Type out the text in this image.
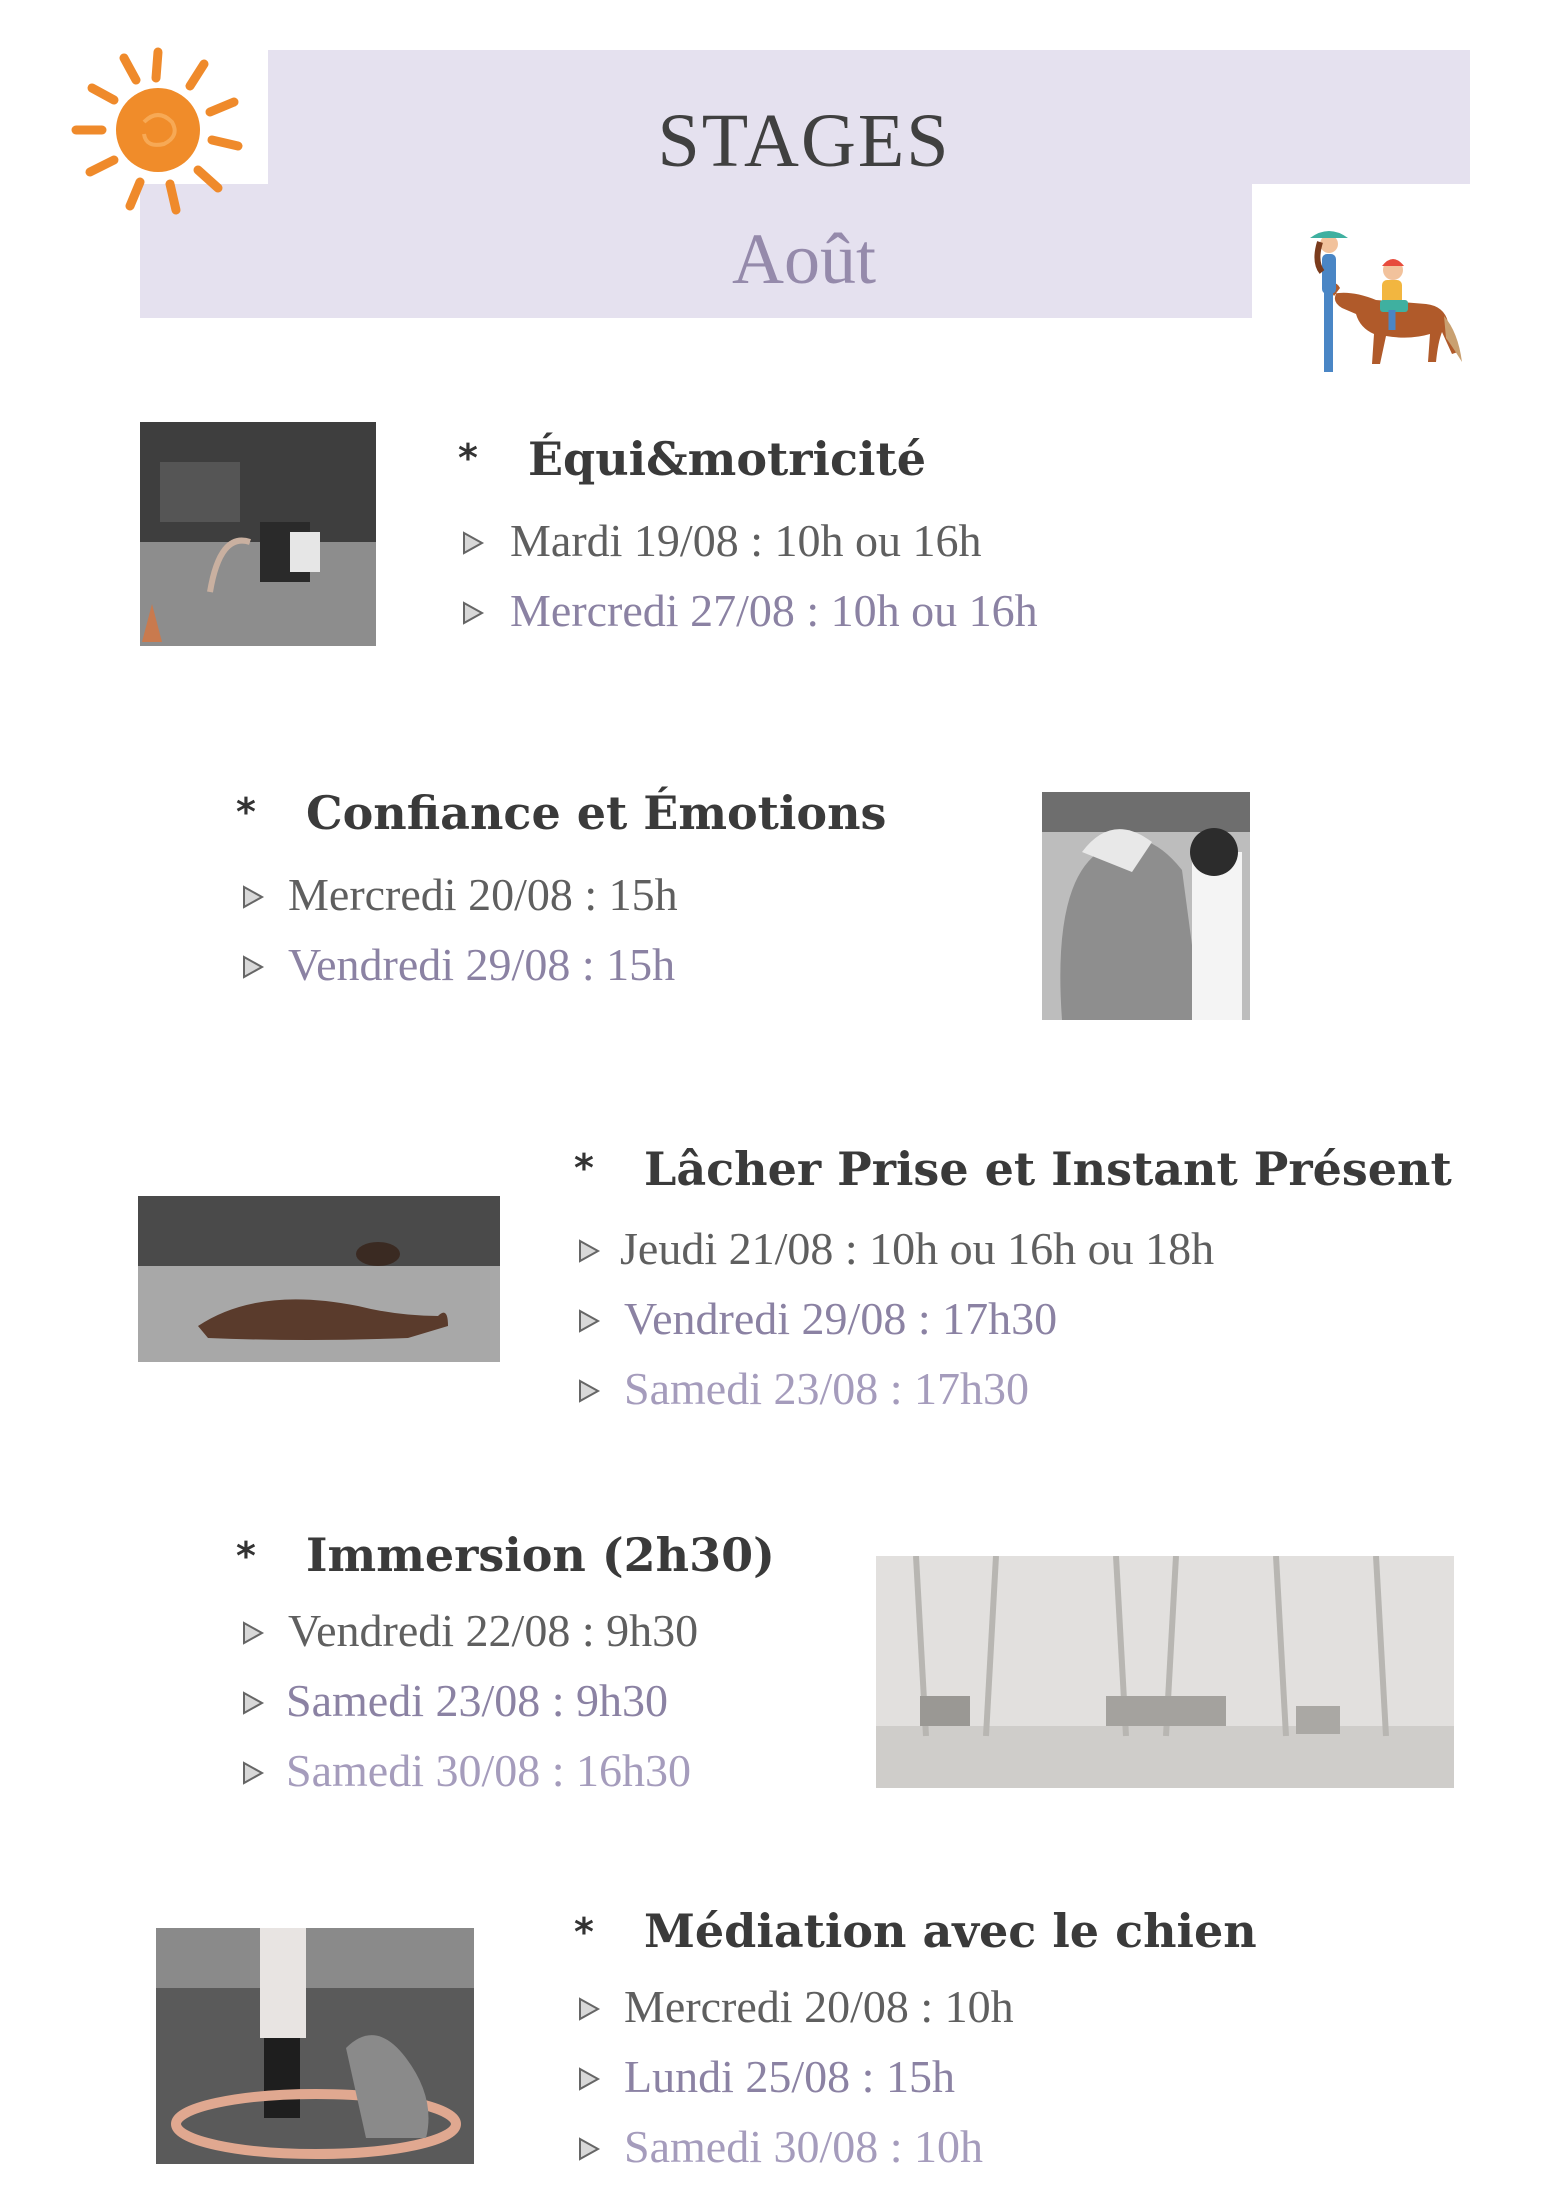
STAGES
Août
* Équi&motricité
Mardi 19/08 : 10h ou 16h
Mercredi 27/08 : 10h ou 16h
* Confiance et Émotions
Mercredi 20/08 : 15h
Vendredi 29/08 : 15h
* Lâcher Prise et Instant Présent
Jeudi 21/08 : 10h ou 16h ou 18h
Vendredi 29/08 : 17h30
Samedi 23/08 : 17h30
* Immersion (2h30)
Vendredi 22/08 : 9h30
Samedi 23/08 : 9h30
Samedi 30/08 : 16h30
* Médiation avec le chien
Mercredi 20/08 : 10h
Lundi 25/08 : 15h
Samedi 30/08 : 10h
